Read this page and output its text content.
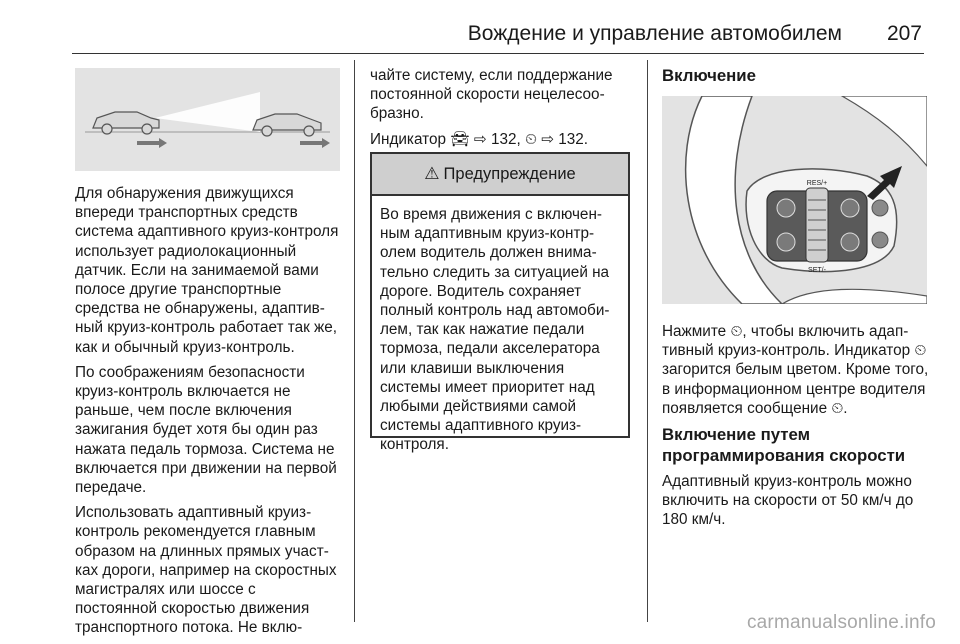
Вождение и управление автомобилем 207

Для обнаружения движущихся впереди транспортных средств система адаптивного круиз-контроля использует радиолокационный датчик. Если на занимаемой вами полосе другие транспортные средства не обнаружены, адаптивный круиз-контроль работает так же, как и обычный круиз-контроль.

По соображениям безопасности круиз-контроль включается не раньше, чем после включения зажигания будет хотя бы один раз нажата педаль тормоза. Система не включается при движении на первой передаче.

Использовать адаптивный круиз-контроль рекомендуется главным образом на длинных прямых участках дороги, например на скоростных магистралях или шоссе с постоянной скоростью движения транспортного потока. Не вклю-

чайте систему, если поддержание постоянной скорости нецелесообразно.

Индикатор 🚘︎ ⇨ 132, ⏲︎ ⇨ 132.

⚠ Предупреждение
Во время движения с включенным адаптивным круиз-контролем водитель должен внимательно следить за ситуацией на дороге. Водитель сохраняет полный контроль над автомобилем, так как нажатие педали тормоза, педали акселератора или клавиши выключения системы имеет приоритет над любыми действиями самой системы адаптивного круиз-контроля.

Включение

RES/+
SET/-

Нажмите ⏲︎, чтобы включить адаптивный круиз-контроль. Индикатор ⏲︎ загорится белым цветом. Кроме того, в информационном центре водителя появляется сообщение ⏲︎.

Включение путем программирования скорости

Адаптивный круиз-контроль можно включить на скорости от 50 км/ч до 180 км/ч.

carmanualsonline.info
